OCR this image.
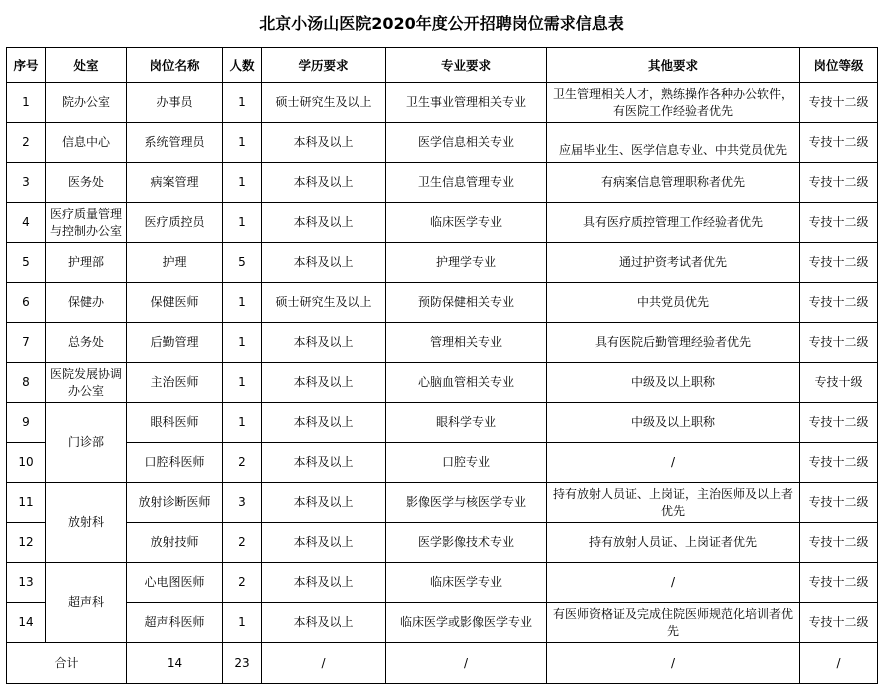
北京小汤山医院2020年度公开招聘岗位需求信息表
序号	处室	岗位名称	人数	学历要求	专业要求	其他要求	岗位等级
1	院办公室	办事员	1	硕士研究生及以上	卫生事业管理相关专业	卫生管理相关人才，熟练操作各种办公软件，有医院工作经验者优先	专技十二级
2	信息中心	系统管理员	1	本科及以上	医学信息相关专业	应届毕业生、医学信息专业、中共党员优先	专技十二级
3	医务处	病案管理	1	本科及以上	卫生信息管理专业	有病案信息管理职称者优先	专技十二级
4	医疗质量管理与控制办公室	医疗质控员	1	本科及以上	临床医学专业	具有医疗质控管理工作经验者优先	专技十二级
5	护理部	护理	5	本科及以上	护理学专业	通过护资考试者优先	专技十二级
6	保健办	保健医师	1	硕士研究生及以上	预防保健相关专业	中共党员优先	专技十二级
7	总务处	后勤管理	1	本科及以上	管理相关专业	具有医院后勤管理经验者优先	专技十二级
8	医院发展协调办公室	主治医师	1	本科及以上	心脑血管相关专业	中级及以上职称	专技十级
9	门诊部	眼科医师	1	本科及以上	眼科学专业	中级及以上职称	专技十二级
10		口腔科医师	2	本科及以上	口腔专业	/	专技十二级
11	放射科	放射诊断医师	3	本科及以上	影像医学与核医学专业	持有放射人员证、上岗证，主治医师及以上者优先	专技十二级
12		放射技师	2	本科及以上	医学影像技术专业	持有放射人员证、上岗证者优先	专技十二级
13	超声科	心电图医师	2	本科及以上	临床医学专业	/	专技十二级
14		超声科医师	1	本科及以上	临床医学或影像医学专业	有医师资格证及完成住院医师规范化培训者优先	专技十二级
合计		14	23	/	/	/	/
